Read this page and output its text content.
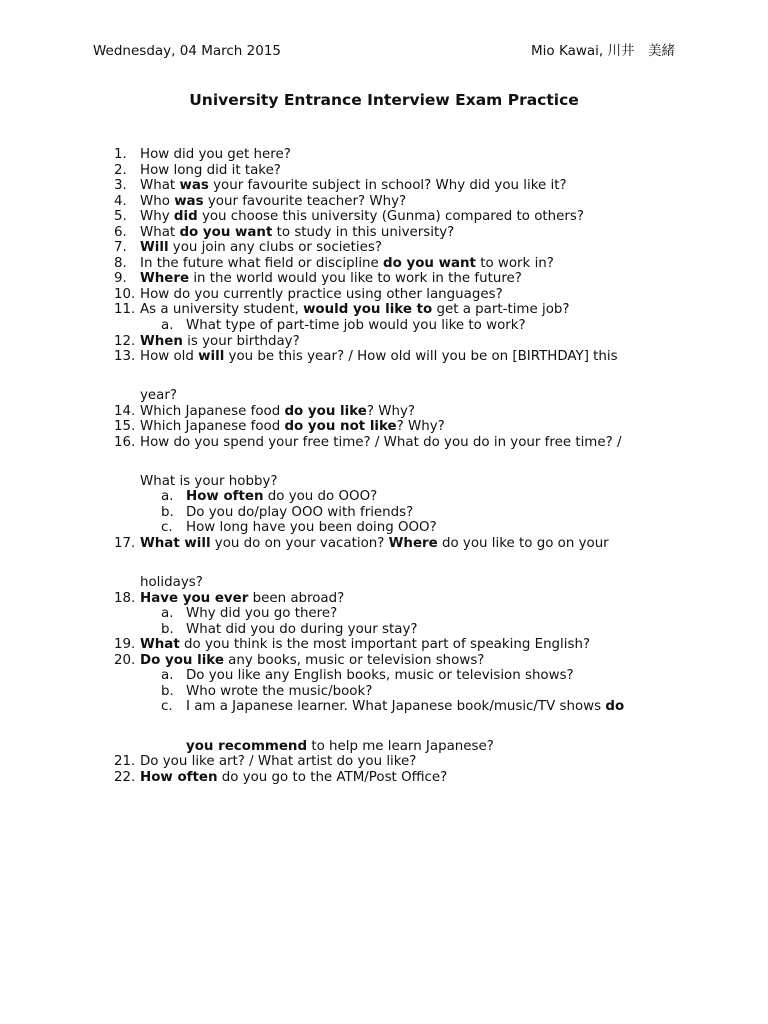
Wednesday, 04 March 2015	Mio Kawai, 川井　美緒
University Entrance Interview Exam Practice
1. How did you get here?
2. How long did it take?
3. What was your favourite subject in school? Why did you like it?
4. Who was your favourite teacher? Why?
5. Why did you choose this university (Gunma) compared to others?
6. What do you want to study in this university?
7. Will you join any clubs or societies?
8. In the future what field or discipline do you want to work in?
9. Where in the world would you like to work in the future?
10. How do you currently practice using other languages?
11. As a university student, would you like to get a part-time job?
a. What type of part-time job would you like to work?
12. When is your birthday?
13. How old will you be this year? / How old will you be on [BIRTHDAY] this
year?
14. Which Japanese food do you like? Why?
15. Which Japanese food do you not like? Why?
16. How do you spend your free time? / What do you do in your free time? /
What is your hobby?
a. How often do you do OOO?
b. Do you do/play OOO with friends?
c. How long have you been doing OOO?
17. What will you do on your vacation? Where do you like to go on your
holidays?
18. Have you ever been abroad?
a. Why did you go there?
b. What did you do during your stay?
19. What do you think is the most important part of speaking English?
20. Do you like any books, music or television shows?
a. Do you like any English books, music or television shows?
b. Who wrote the music/book?
c. I am a Japanese learner. What Japanese book/music/TV shows do
you recommend to help me learn Japanese?
21. Do you like art? / What artist do you like?
22. How often do you go to the ATM/Post Office?
